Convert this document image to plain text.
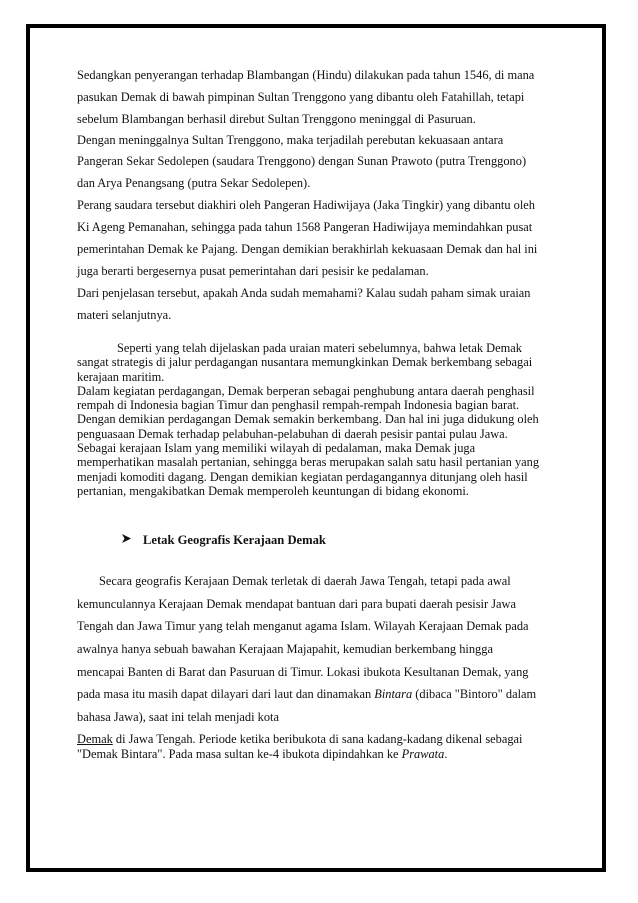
Sedangkan penyerangan terhadap Blambangan (Hindu) dilakukan pada tahun 1546, di mana

pasukan Demak di bawah pimpinan Sultan Trenggono yang dibantu oleh Fatahillah, tetapi

sebelum Blambangan berhasil direbut Sultan Trenggono meninggal di Pasuruan.

Dengan meninggalnya Sultan Trenggono, maka terjadilah perebutan kekuasaan antara

Pangeran Sekar Sedolepen (saudara Trenggono) dengan Sunan Prawoto (putra Trenggono)

dan Arya Penangsang (putra Sekar Sedolepen).

Perang saudara tersebut diakhiri oleh Pangeran Hadiwijaya (Jaka Tingkir) yang dibantu oleh

Ki Ageng Pemanahan, sehingga pada tahun 1568 Pangeran Hadiwijaya memindahkan pusat

pemerintahan Demak ke Pajang. Dengan demikian berakhirlah kekuasaan Demak dan hal ini

juga berarti bergesernya pusat pemerintahan dari pesisir ke pedalaman.

Dari penjelasan tersebut, apakah Anda sudah memahami? Kalau sudah paham simak uraian

materi selanjutnya.

Seperti yang telah dijelaskan pada uraian materi sebelumnya, bahwa letak Demak

sangat strategis di jalur perdagangan nusantara memungkinkan Demak berkembang sebagai

kerajaan maritim.

Dalam kegiatan perdagangan, Demak berperan sebagai penghubung antara daerah penghasil

rempah di Indonesia bagian Timur dan penghasil rempah-rempah Indonesia bagian barat.

Dengan demikian perdagangan Demak semakin berkembang. Dan hal ini juga didukung oleh

penguasaan Demak terhadap pelabuhan-pelabuhan di daerah pesisir pantai pulau Jawa.

Sebagai kerajaan Islam yang memiliki wilayah di pedalaman, maka Demak juga

memperhatikan masalah pertanian, sehingga beras merupakan salah satu hasil pertanian yang

menjadi komoditi dagang. Dengan demikian kegiatan perdagangannya ditunjang oleh hasil

pertanian, mengakibatkan Demak memperoleh keuntungan di bidang ekonomi.

Letak Geografis Kerajaan Demak

Secara geografis Kerajaan Demak terletak di daerah Jawa Tengah, tetapi pada awal

kemunculannya Kerajaan Demak mendapat bantuan dari para bupati daerah pesisir Jawa

Tengah dan Jawa Timur yang telah menganut agama Islam. Wilayah Kerajaan Demak pada

awalnya hanya sebuah bawahan Kerajaan Majapahit, kemudian berkembang hingga

mencapai Banten di Barat dan Pasuruan di Timur. Lokasi ibukota Kesultanan Demak, yang

pada masa itu masih dapat dilayari dari laut dan dinamakan Bintara (dibaca "Bintoro" dalam

bahasa Jawa), saat ini telah menjadi kota

Demak di Jawa Tengah. Periode ketika beribukota di sana kadang-kadang dikenal sebagai

"Demak Bintara". Pada masa sultan ke-4 ibukota dipindahkan ke Prawata.
